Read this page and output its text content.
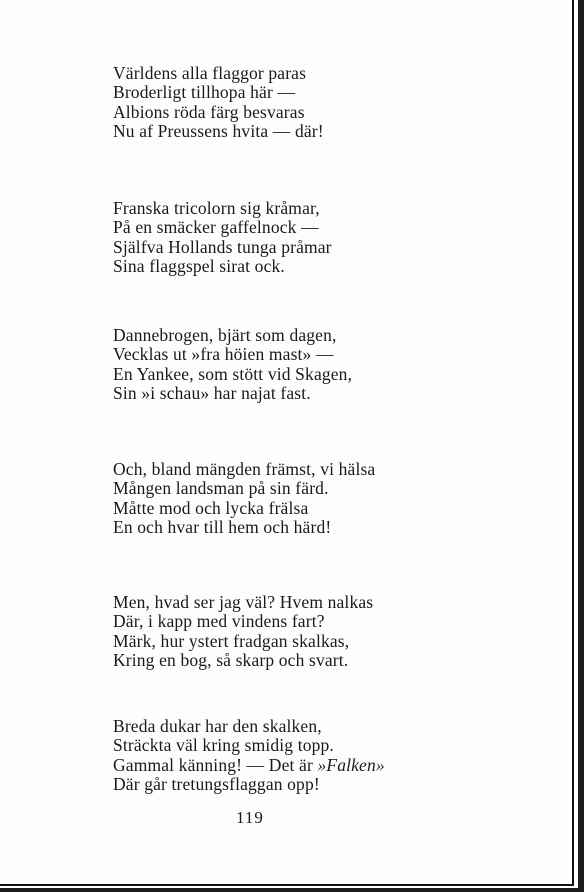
Världens alla flaggor paras
Broderligt tillhopa här —
Albions röda färg besvaras
Nu af Preussens hvita — där!
Franska tricolorn sig kråmar,
På en smäcker gaffelnock —
Själfva Hollands tunga pråmar
Sina flaggspel sirat ock.
Dannebrogen, bjärt som dagen,
Vecklas ut »fra höien mast» —
En Yankee, som stött vid Skagen,
Sin »i schau» har najat fast.
Och, bland mängden främst, vi hälsa
Mången landsman på sin färd.
Måtte mod och lycka frälsa
En och hvar till hem och härd!
Men, hvad ser jag väl? Hvem nalkas
Där, i kapp med vindens fart?
Märk, hur ystert fradgan skalkas,
Kring en bog, så skarp och svart.
Breda dukar har den skalken,
Sträckta väl kring smidig topp.
Gammal känning! — Det är »Falken»
Där går tretungsflaggan opp!
119
